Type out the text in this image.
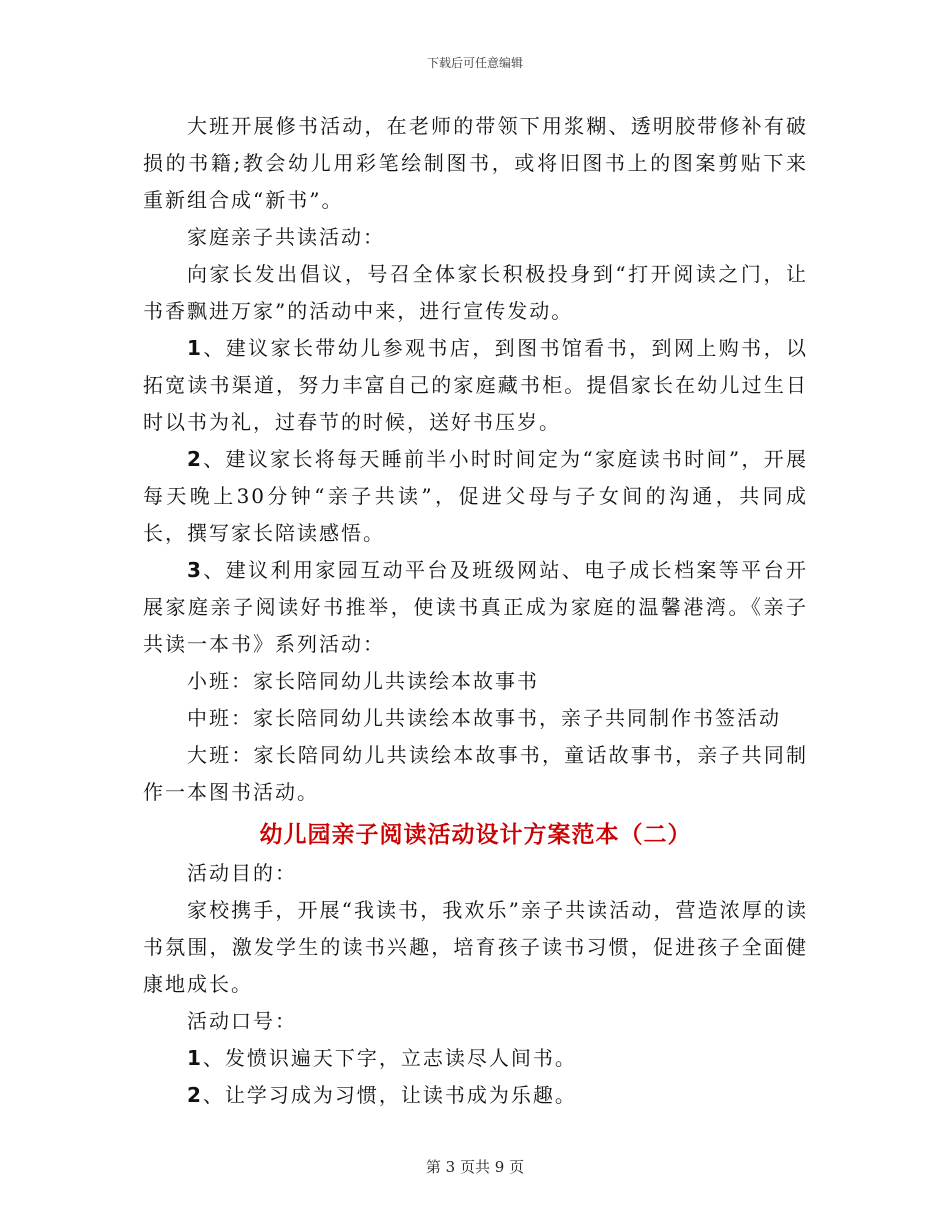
下载后可任意编辑

大班开展修书活动，在老师的带领下用浆糊、透明胶带修补有破损的书籍;教会幼儿用彩笔绘制图书，或将旧图书上的图案剪贴下来重新组合成“新书”。

家庭亲子共读活动：

向家长发出倡议，号召全体家长积极投身到“打开阅读之门，让书香飘进万家”的活动中来，进行宣传发动。

1、建议家长带幼儿参观书店，到图书馆看书，到网上购书，以拓宽读书渠道，努力丰富自己的家庭藏书柜。提倡家长在幼儿过生日时以书为礼，过春节的时候，送好书压岁。

2、建议家长将每天睡前半小时时间定为“家庭读书时间”，开展每天晚上30分钟“亲子共读”，促进父母与子女间的沟通，共同成长，撰写家长陪读感悟。

3、建议利用家园互动平台及班级网站、电子成长档案等平台开展家庭亲子阅读好书推举，使读书真正成为家庭的温馨港湾。《亲子共读一本书》系列活动：

小班：家长陪同幼儿共读绘本故事书

中班：家长陪同幼儿共读绘本故事书，亲子共同制作书签活动

大班：家长陪同幼儿共读绘本故事书，童话故事书，亲子共同制作一本图书活动。

幼儿园亲子阅读活动设计方案范本（二）

活动目的：

家校携手，开展“我读书，我欢乐”亲子共读活动，营造浓厚的读书氛围，激发学生的读书兴趣，培育孩子读书习惯，促进孩子全面健康地成长。

活动口号：

1、发愤识遍天下字，立志读尽人间书。

2、让学习成为习惯，让读书成为乐趣。

第 3 页共 9 页
